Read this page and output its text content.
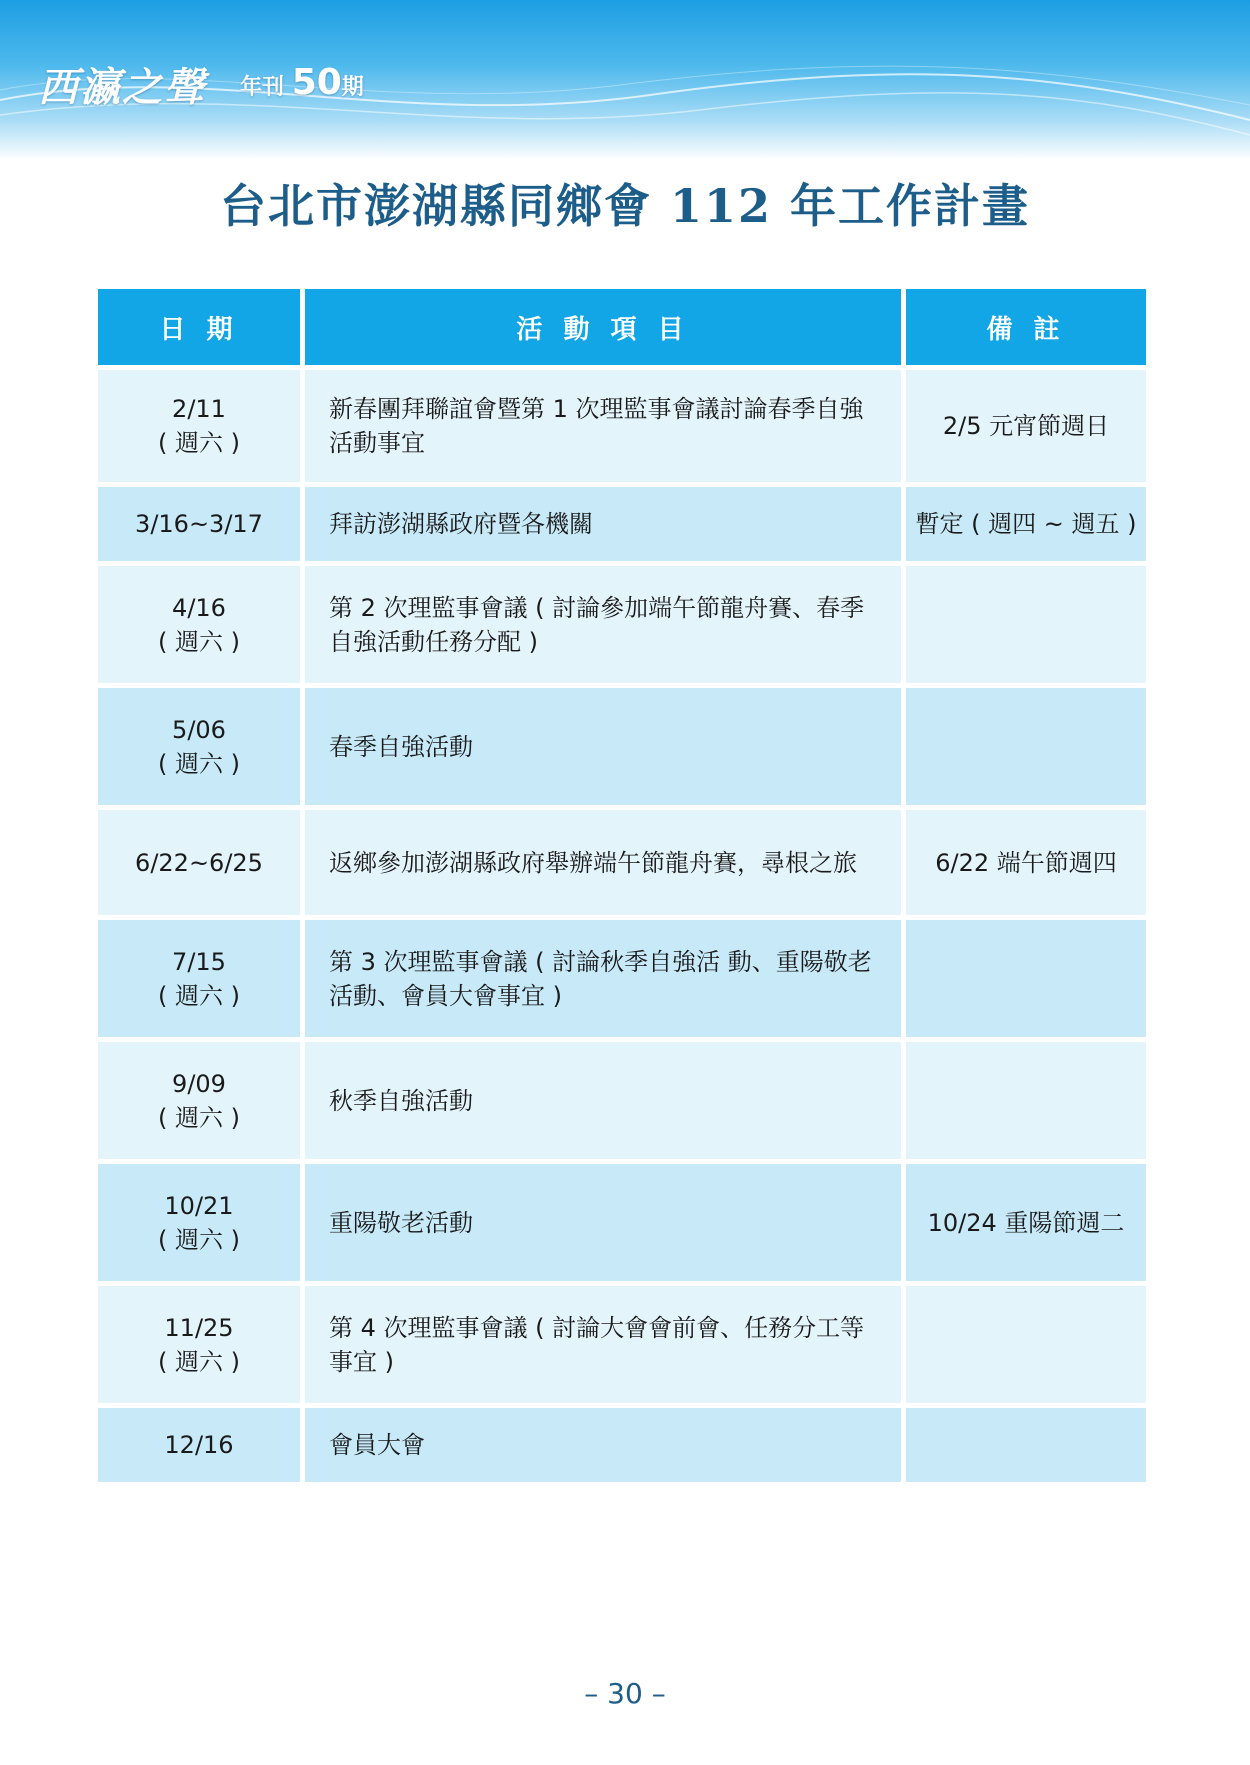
西瀛之聲 年刊 50期
台北市澎湖縣同鄉會 112 年工作計畫
日 期	活 動 項 目	備 註

2/11
( 週六 )	新春團拜聯誼會暨第 1 次理監事會議討論春季自強活動事宜	2/5 元宵節週日

3/16~3/17	拜訪澎湖縣政府暨各機關	暫定 ( 週四 ~ 週五 )

4/16
( 週六 )	第 2 次理監事會議 ( 討論參加端午節龍舟賽、春季自強活動任務分配 )	

5/06
( 週六 )	春季自強活動	

6/22~6/25	返鄉參加澎湖縣政府舉辦端午節龍舟賽，尋根之旅	6/22 端午節週四

7/15
( 週六 )	第 3 次理監事會議 ( 討論秋季自強活 動、重陽敬老活動、會員大會事宜 )	

9/09
( 週六 )	秋季自強活動	

10/21
( 週六 )	重陽敬老活動	10/24 重陽節週二

11/25
( 週六 )	第 4 次理監事會議 ( 討論大會會前會、任務分工等事宜 )	

12/16	會員大會	
– 30 –
